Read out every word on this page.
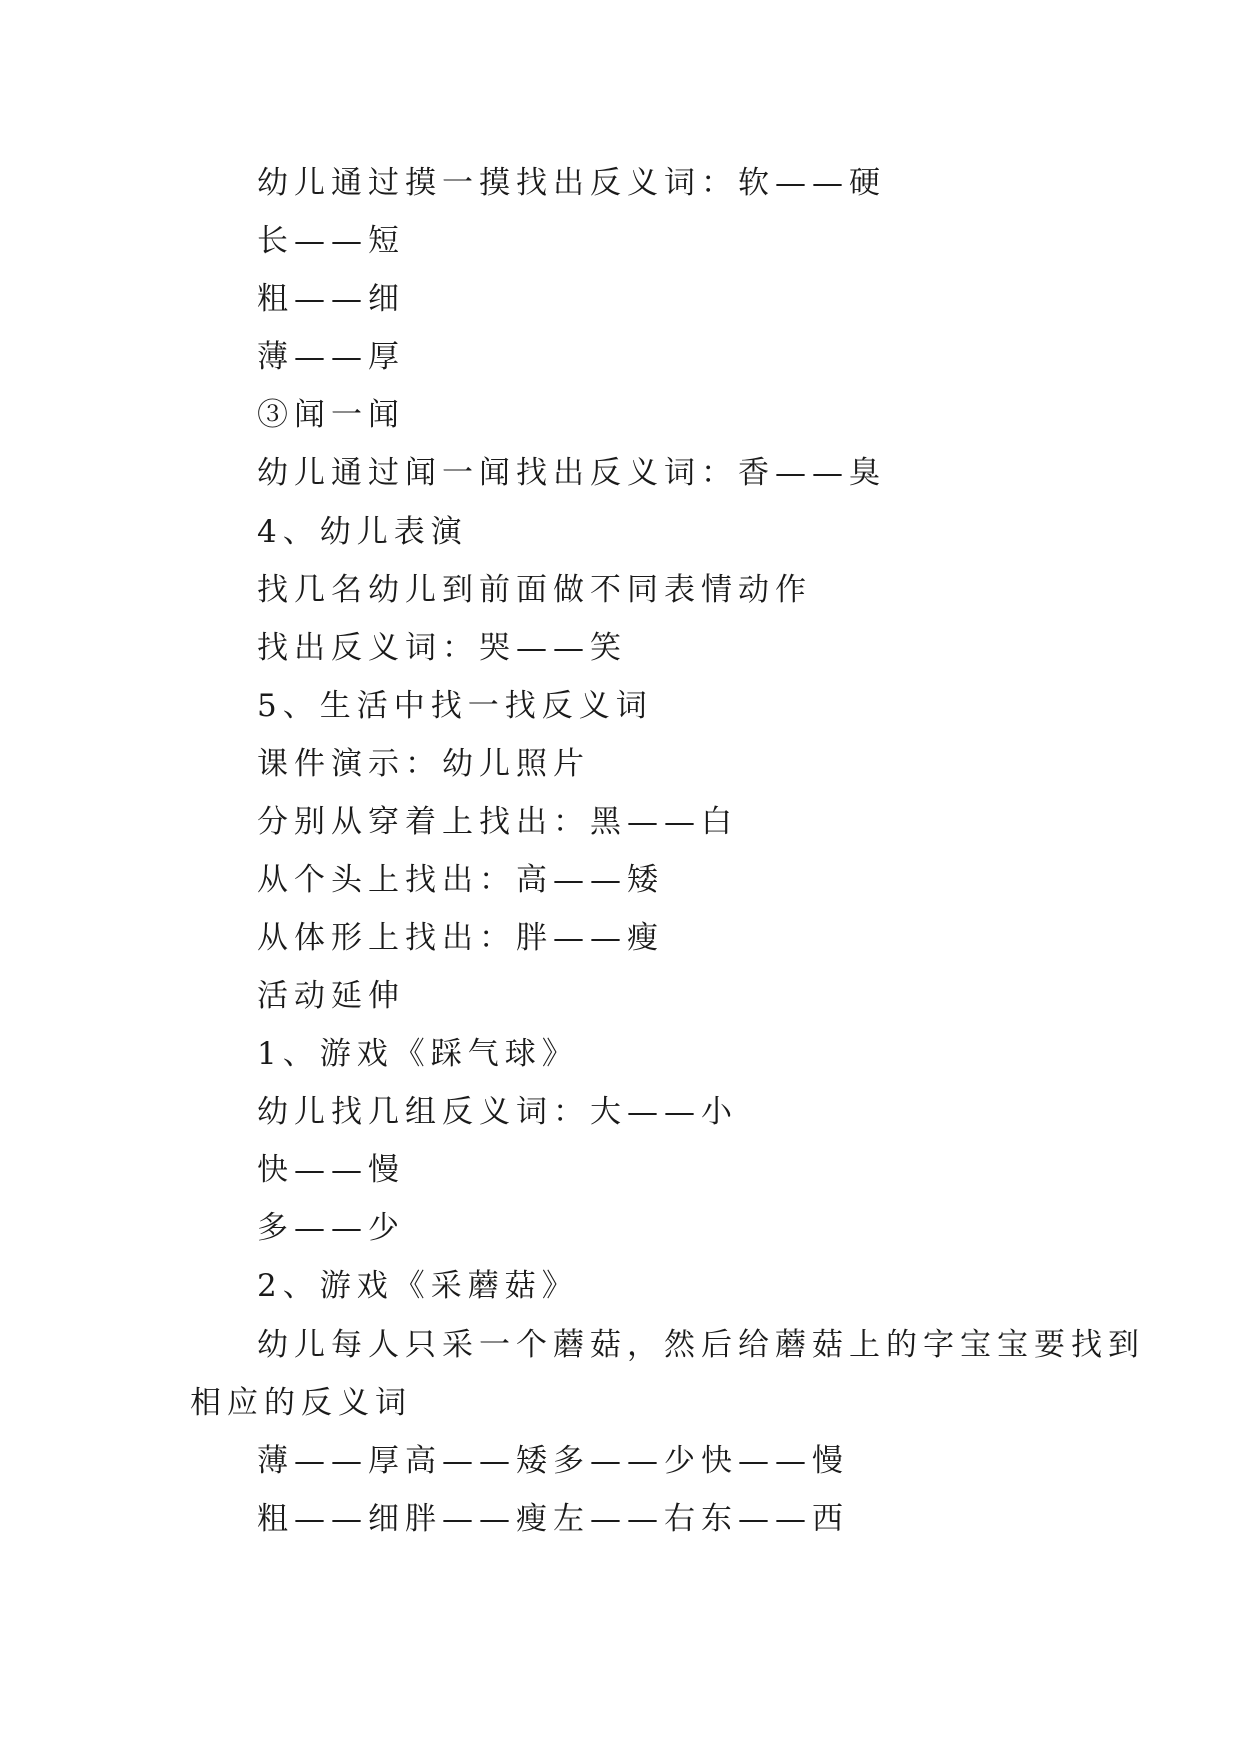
幼儿通过摸一摸找出反义词：软——硬
长——短
粗——细
薄——厚
③闻一闻
幼儿通过闻一闻找出反义词：香——臭
4、幼儿表演
找几名幼儿到前面做不同表情动作
找出反义词：哭——笑
5、生活中找一找反义词
课件演示：幼儿照片
分别从穿着上找出：黑——白
从个头上找出：高——矮
从体形上找出：胖——瘦
活动延伸
1、游戏《踩气球》
幼儿找几组反义词：大——小
快——慢
多——少
2、游戏《采蘑菇》
幼儿每人只采一个蘑菇，然后给蘑菇上的字宝宝要找到
相应的反义词
薄——厚高——矮多——少快——慢
粗——细胖——瘦左——右东——西
